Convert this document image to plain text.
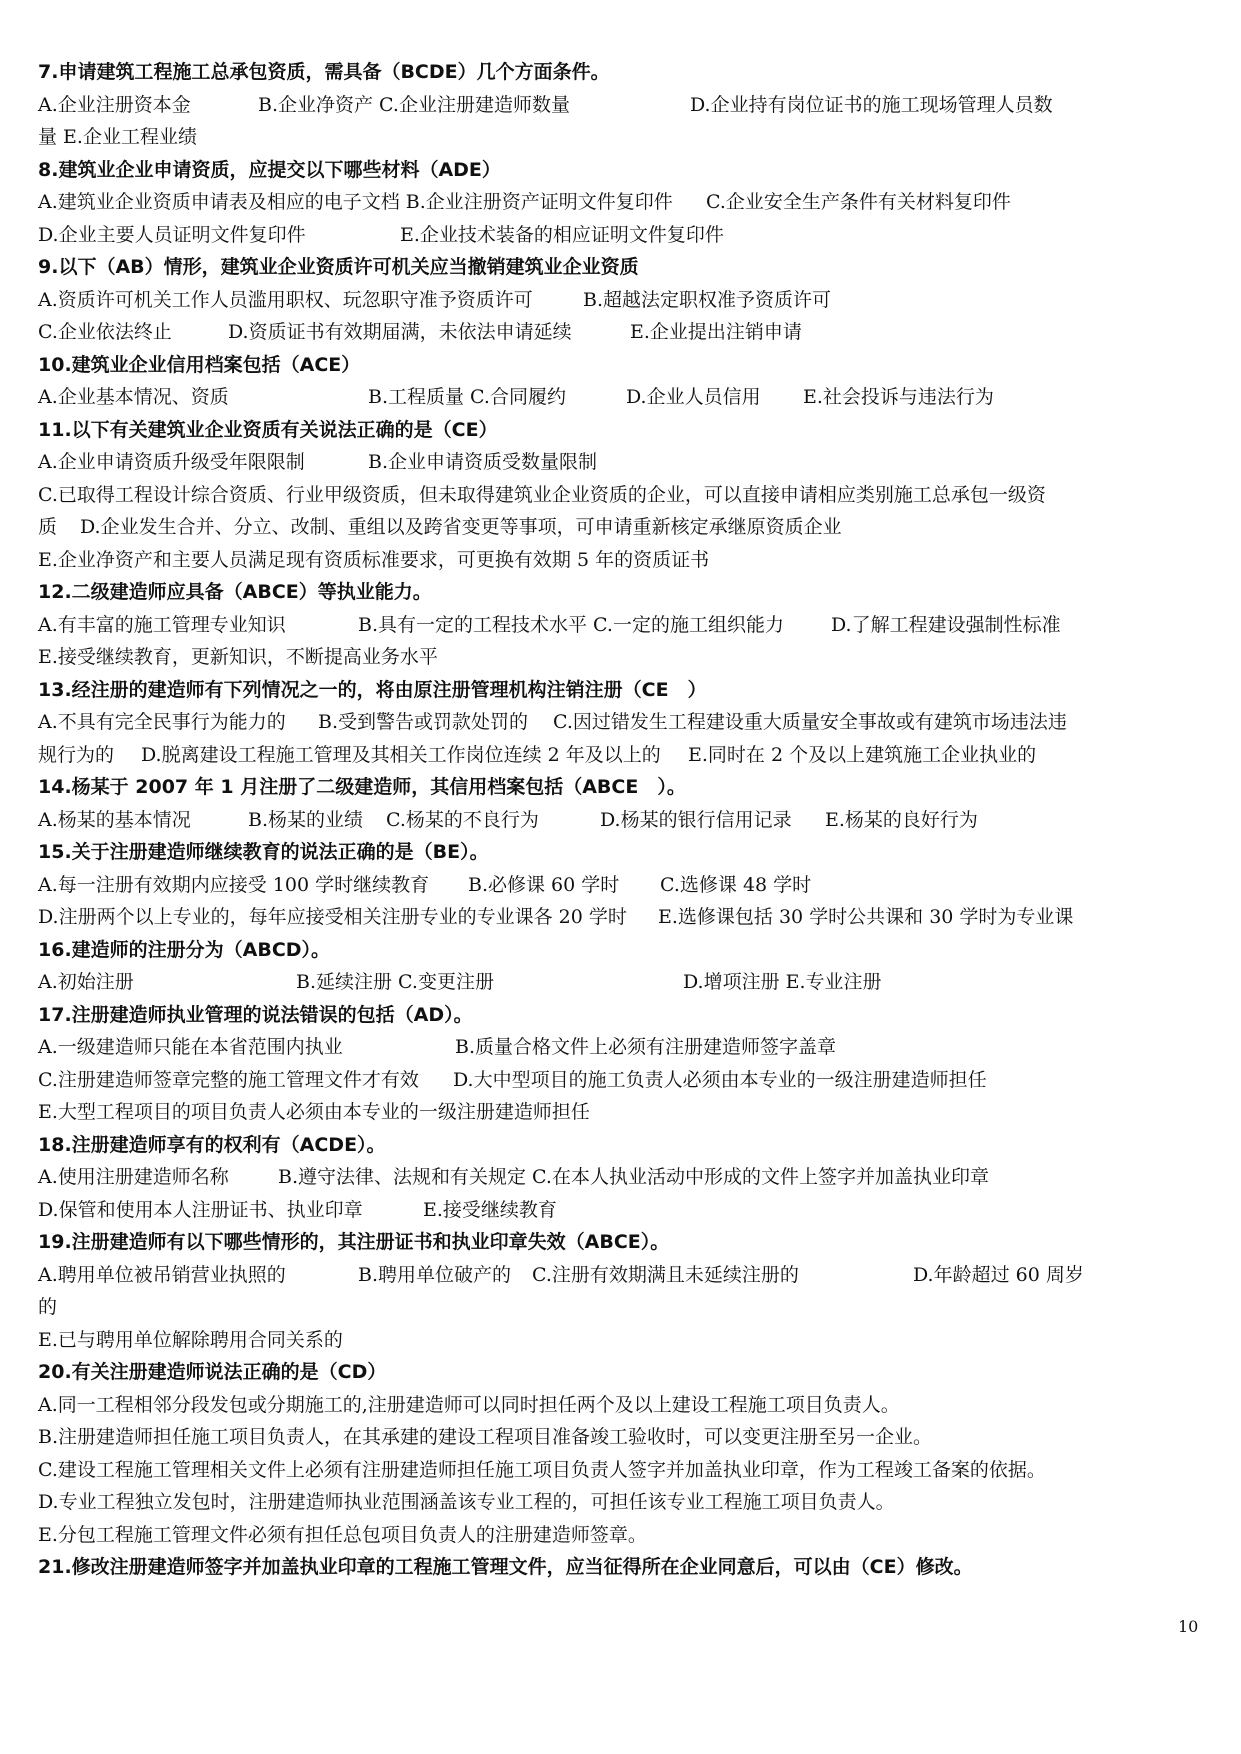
7.申请建筑工程施工总承包资质，需具备（BCDE）几个方面条件。
A.企业注册资本金	B.企业净资产 C.企业注册建造师数量	D.企业持有岗位证书的施工现场管理人员数
量 E.企业工程业绩
8.建筑业企业申请资质，应提交以下哪些材料（ADE）
A.建筑业企业资质申请表及相应的电子文档 B.企业注册资产证明文件复印件 C.企业安全生产条件有关材料复印件
D.企业主要人员证明文件复印件	E.企业技术装备的相应证明文件复印件
9.以下（AB）情形，建筑业企业资质许可机关应当撤销建筑业企业资质
A.资质许可机关工作人员滥用职权、玩忽职守准予资质许可	B.超越法定职权准予资质许可
C.企业依法终止	D.资质证书有效期届满，未依法申请延续	E.企业提出注销申请
10.建筑业企业信用档案包括（ACE）
A.企业基本情况、资质	B.工程质量 C.合同履约	D.企业人员信用 E.社会投诉与违法行为
11.以下有关建筑业企业资质有关说法正确的是（CE）
A.企业申请资质升级受年限限制	B.企业申请资质受数量限制
C.已取得工程设计综合资质、行业甲级资质，但未取得建筑业企业资质的企业，可以直接申请相应类别施工总承包一级资
质 D.企业发生合并、分立、改制、重组以及跨省变更等事项，可申请重新核定承继原资质企业
E.企业净资产和主要人员满足现有资质标准要求，可更换有效期 5 年的资质证书
12.二级建造师应具备（ABCE）等执业能力。
A.有丰富的施工管理专业知识	B.具有一定的工程技术水平 C.一定的施工组织能力 D.了解工程建设强制性标准
E.接受继续教育，更新知识，不断提高业务水平
13.经注册的建造师有下列情况之一的，将由原注册管理机构注销注册（CE　）
A.不具有完全民事行为能力的 B.受到警告或罚款处罚的 C.因过错发生工程建设重大质量安全事故或有建筑市场违法违
规行为的 D.脱离建设工程施工管理及其相关工作岗位连续 2 年及以上的 E.同时在 2 个及以上建筑施工企业执业的
14.杨某于 2007 年 1 月注册了二级建造师，其信用档案包括（ABCE　）。
A.杨某的基本情况	B.杨某的业绩 C.杨某的不良行为	D.杨某的银行信用记录 E.杨某的良好行为
15.关于注册建造师继续教育的说法正确的是（BE）。
A.每一注册有效期内应接受 100 学时继续教育 B.必修课 60 学时 C.选修课 48 学时
D.注册两个以上专业的，每年应接受相关注册专业的专业课各 20 学时 E.选修课包括 30 学时公共课和 30 学时为专业课
16.建造师的注册分为（ABCD）。
A.初始注册	B.延续注册 C.变更注册	D.增项注册 E.专业注册
17.注册建造师执业管理的说法错误的包括（AD）。
A.一级建造师只能在本省范围内执业	B.质量合格文件上必须有注册建造师签字盖章
C.注册建造师签章完整的施工管理文件才有效 D.大中型项目的施工负责人必须由本专业的一级注册建造师担任
E.大型工程项目的项目负责人必须由本专业的一级注册建造师担任
18.注册建造师享有的权利有（ACDE）。
A.使用注册建造师名称	B.遵守法律、法规和有关规定 C.在本人执业活动中形成的文件上签字并加盖执业印章
D.保管和使用本人注册证书、执业印章	E.接受继续教育
19.注册建造师有以下哪些情形的，其注册证书和执业印章失效（ABCE）。
A.聘用单位被吊销营业执照的	B.聘用单位破产的 C.注册有效期满且未延续注册的	D.年龄超过 60 周岁
的
E.已与聘用单位解除聘用合同关系的
20.有关注册建造师说法正确的是（CD）
A.同一工程相邻分段发包或分期施工的,注册建造师可以同时担任两个及以上建设工程施工项目负责人。
B.注册建造师担任施工项目负责人，在其承建的建设工程项目准备竣工验收时，可以变更注册至另一企业。
C.建设工程施工管理相关文件上必须有注册建造师担任施工项目负责人签字并加盖执业印章，作为工程竣工备案的依据。
D.专业工程独立发包时，注册建造师执业范围涵盖该专业工程的，可担任该专业工程施工项目负责人。
E.分包工程施工管理文件必须有担任总包项目负责人的注册建造师签章。
21.修改注册建造师签字并加盖执业印章的工程施工管理文件，应当征得所在企业同意后，可以由（CE）修改。
10
